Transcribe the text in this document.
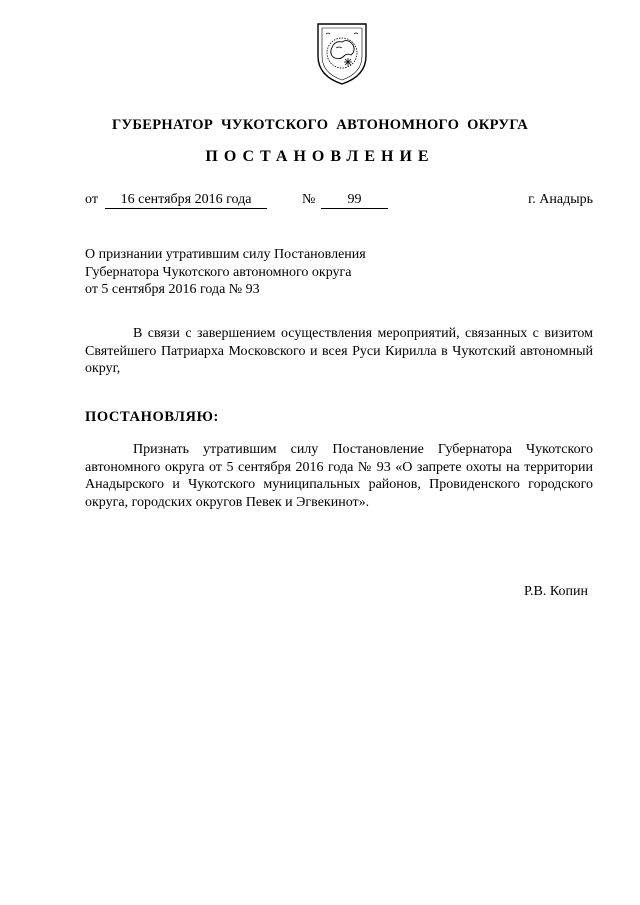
ГУБЕРНАТОР ЧУКОТСКОГО АВТОНОМНОГО ОКРУГА
ПОСТАНОВЛЕНИЕ
от	16 сентября 2016 года	№	99	г. Анадырь
О признании утратившим силу Постановления
Губернатора Чукотского автономного округа
от 5 сентября 2016 года № 93
В связи с завершением осуществления мероприятий, связанных с визитом Святейшего Патриарха Московского и всея Руси Кирилла в Чукотский автономный округ,
ПОСТАНОВЛЯЮ:
Признать утратившим силу Постановление Губернатора Чукотского автономного округа от 5 сентября 2016 года № 93 «О запрете охоты на территории Анадырского и Чукотского муниципальных районов, Провиденского городского округа, городских округов Певек и Эгвекинот».
Р.В. Копин
